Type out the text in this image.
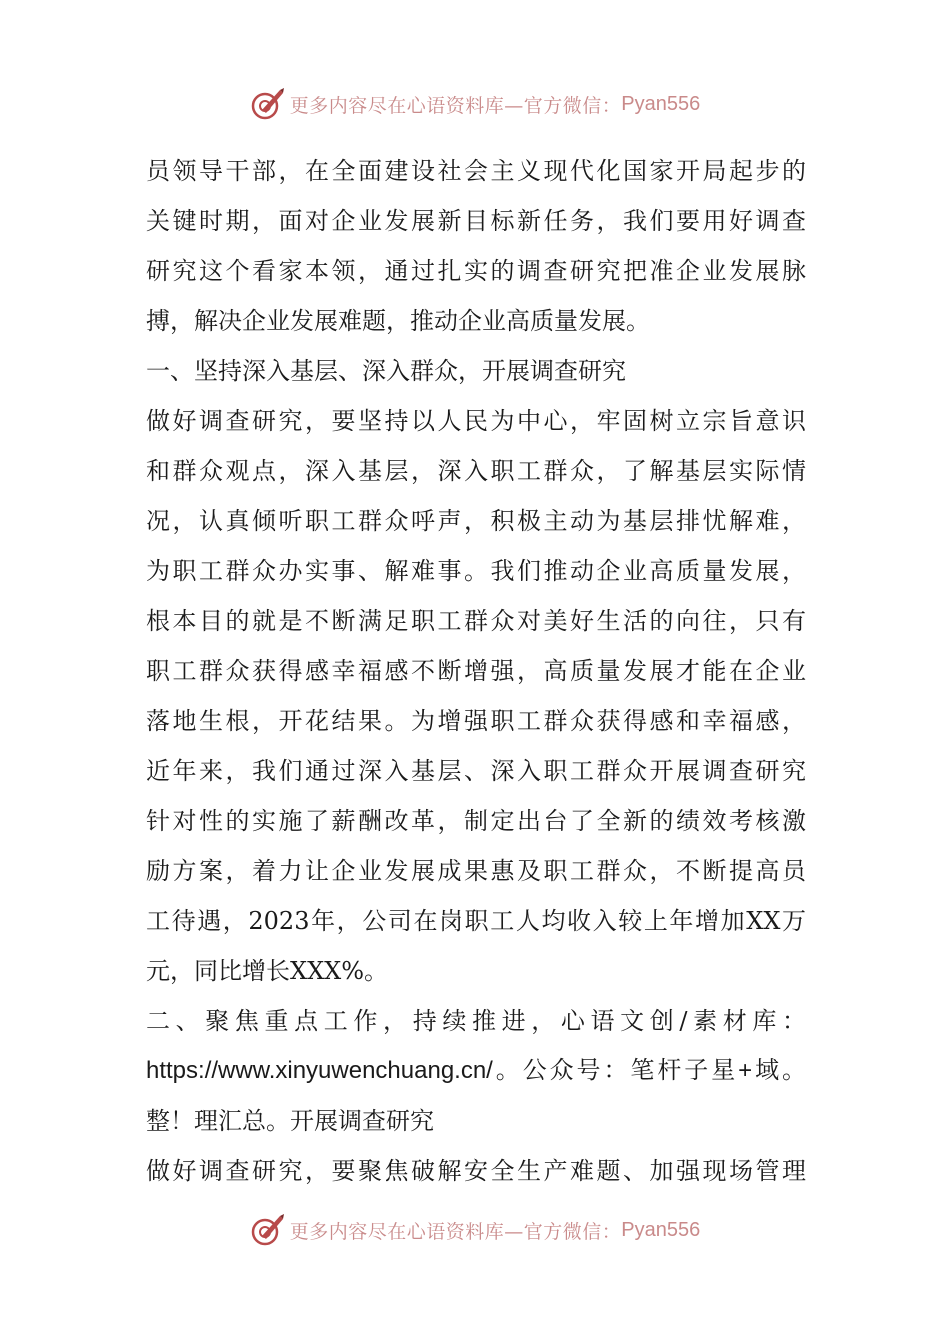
更多内容尽在心语资料库—官方微信： Pyan556
员领导干部，在全面建设社会主义现代化国家开局起步的
关键时期，面对企业发展新目标新任务，我们要用好调查
研究这个看家本领，通过扎实的调查研究把准企业发展脉
搏，解决企业发展难题，推动企业高质量发展。
一、坚持深入基层、深入群众，开展调查研究
做好调查研究，要坚持以人民为中心，牢固树立宗旨意识
和群众观点，深入基层，深入职工群众，了解基层实际情
况，认真倾听职工群众呼声，积极主动为基层排忧解难，
为职工群众办实事、解难事。我们推动企业高质量发展，
根本目的就是不断满足职工群众对美好生活的向往，只有
职工群众获得感幸福感不断增强，高质量发展才能在企业
落地生根，开花结果。为增强职工群众获得感和幸福感，
近年来，我们通过深入基层、深入职工群众开展调查研究
针对性的实施了薪酬改革，制定出台了全新的绩效考核激
励方案，着力让企业发展成果惠及职工群众，不断提高员
工待遇，2023年，公司在岗职工人均收入较上年增加XX万
元，同比增长XXX%。
二、聚焦重点工作，持续推进，心语文创/素材库：
https://www.xinyuwenchuang.cn/。公众号：笔杆子星+域。
整！理汇总。开展调查研究
做好调查研究，要聚焦破解安全生产难题、加强现场管理
更多内容尽在心语资料库—官方微信： Pyan556
